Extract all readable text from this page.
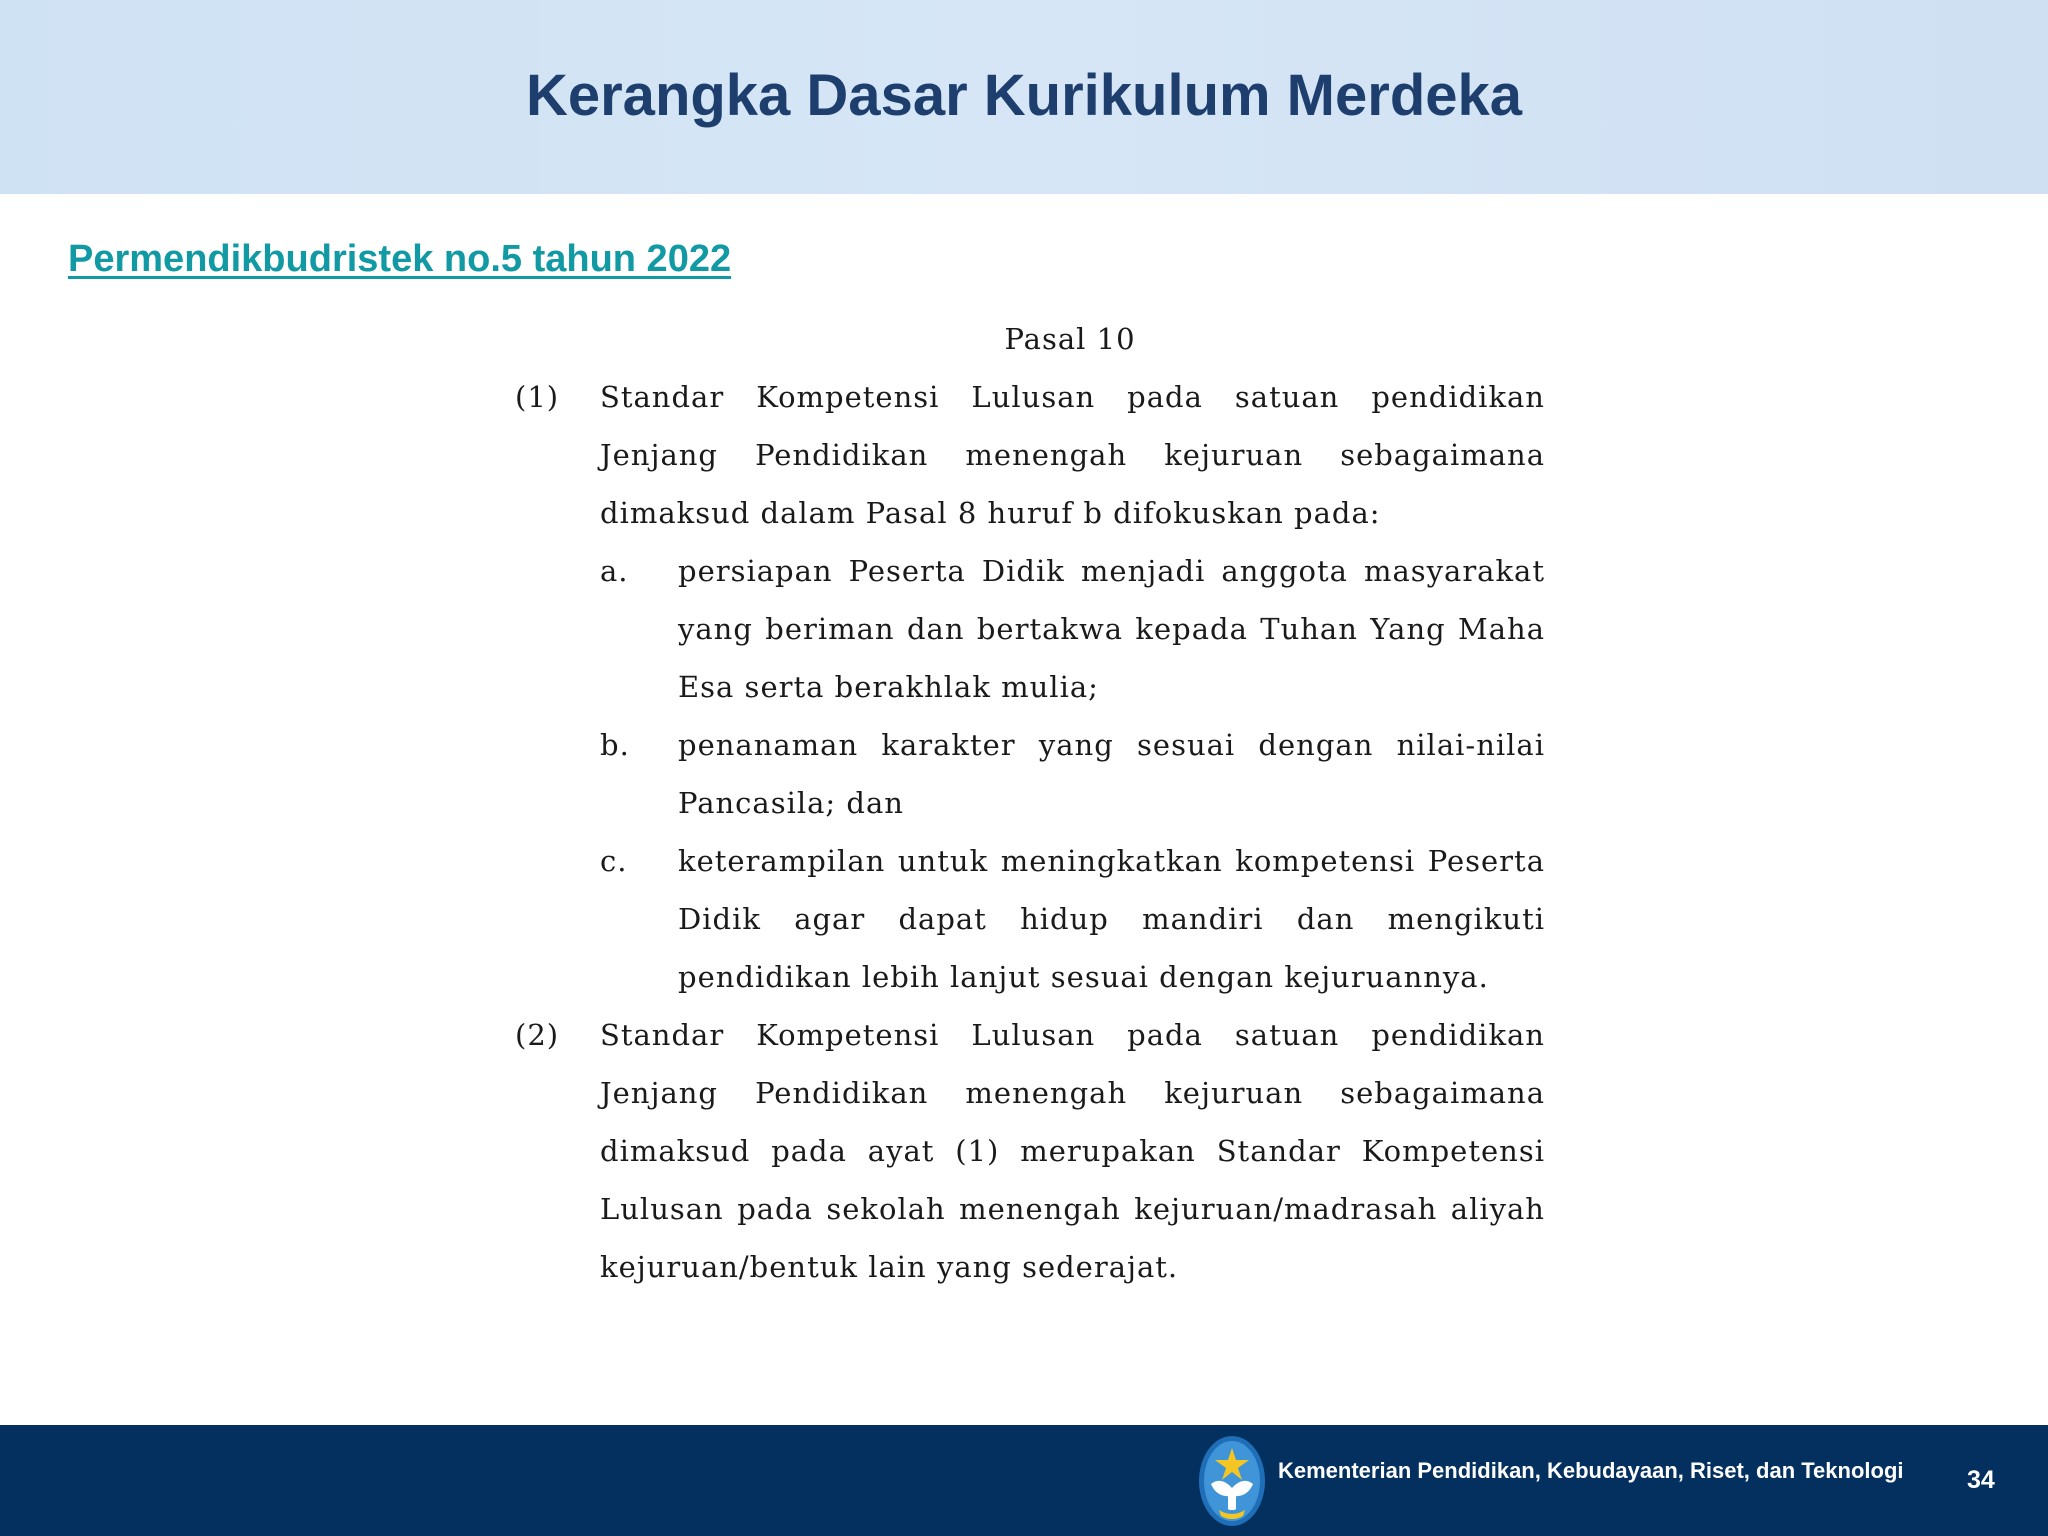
Kerangka Dasar Kurikulum Merdeka
Permendikbudristek no.5 tahun 2022
Pasal 10
(1)	Standar Kompetensi Lulusan pada satuan pendidikan Jenjang Pendidikan menengah kejuruan sebagaimana dimaksud dalam Pasal 8 huruf b difokuskan pada:

a.	persiapan Peserta Didik menjadi anggota masyarakat yang beriman dan bertakwa kepada Tuhan Yang Maha Esa serta berakhlak mulia;

b.	penanaman karakter yang sesuai dengan nilai-nilai Pancasila; dan

c.	keterampilan untuk meningkatkan kompetensi Peserta Didik agar dapat hidup mandiri dan mengikuti pendidikan lebih lanjut sesuai dengan kejuruannya.

(2)	Standar Kompetensi Lulusan pada satuan pendidikan Jenjang Pendidikan menengah kejuruan sebagaimana dimaksud pada ayat (1) merupakan Standar Kompetensi Lulusan pada sekolah menengah kejuruan/madrasah aliyah kejuruan/bentuk lain yang sederajat.

Kementerian Pendidikan, Kebudayaan, Riset, dan Teknologi	34
